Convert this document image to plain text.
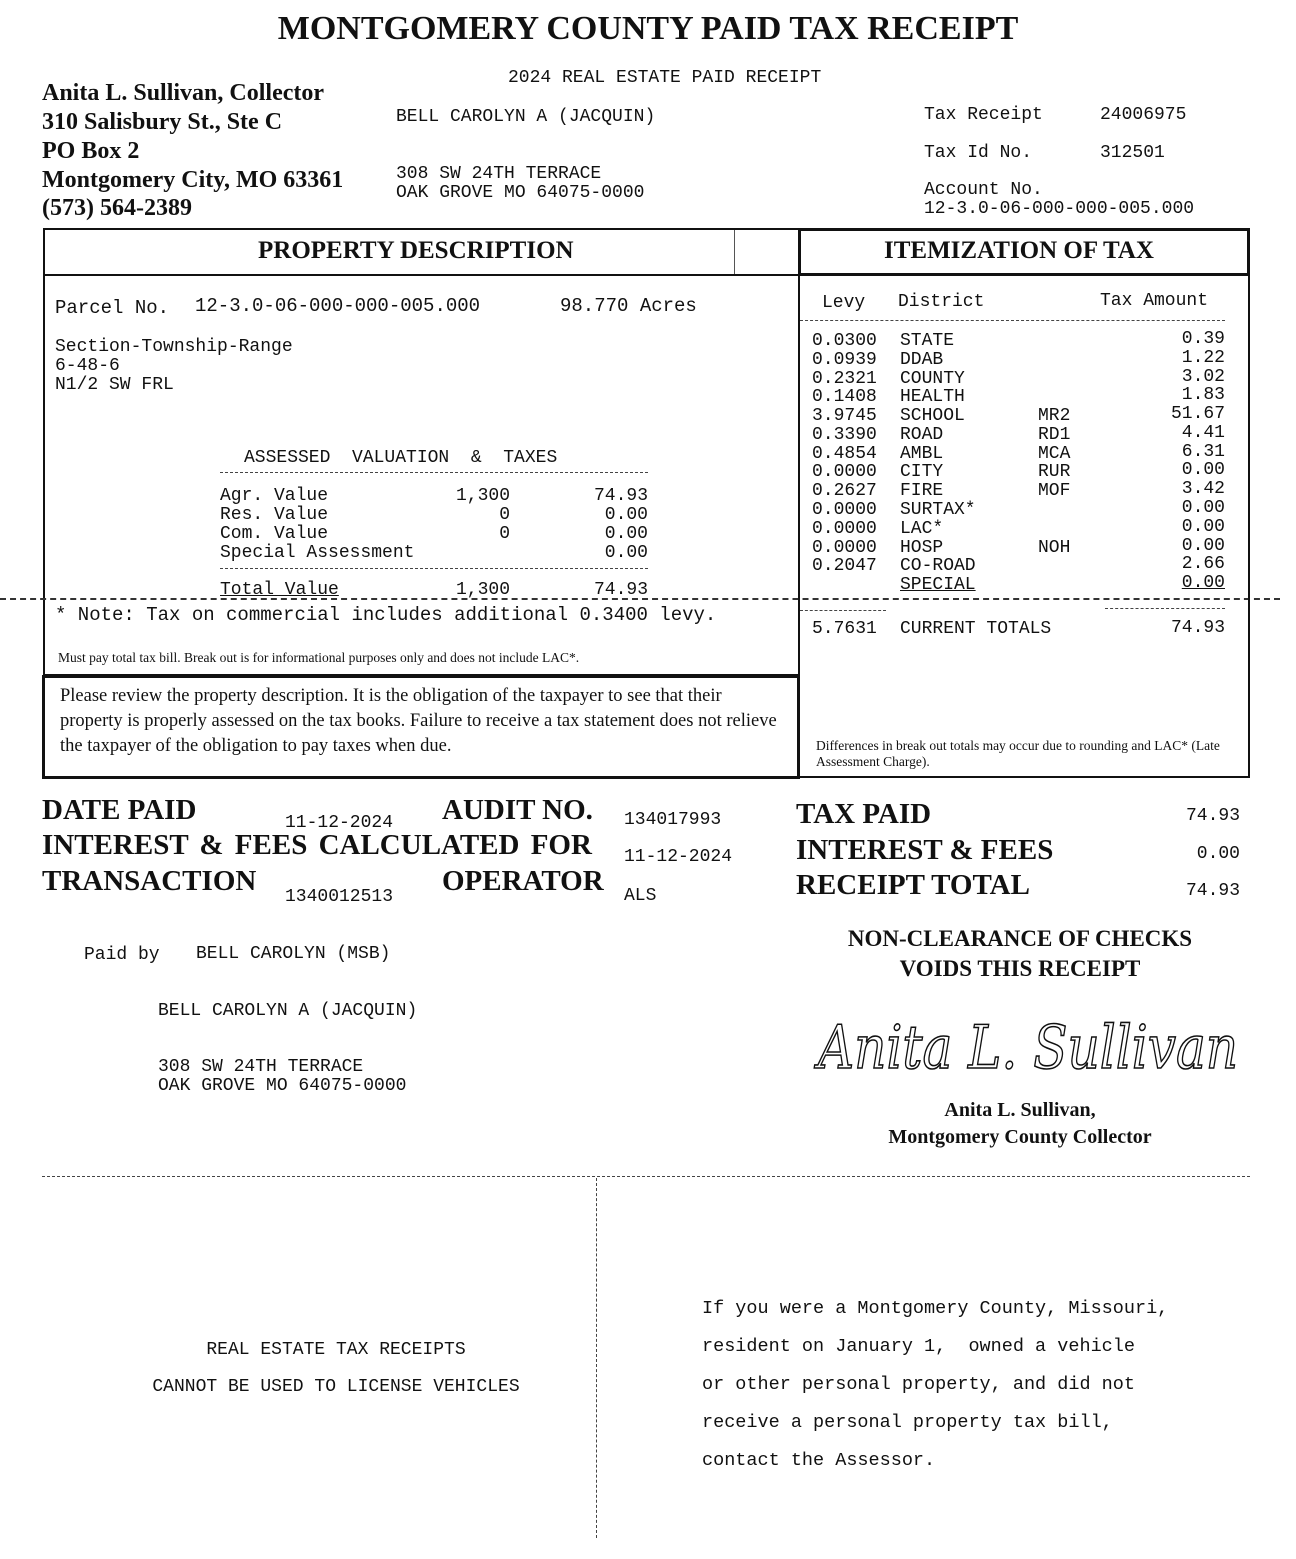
MONTGOMERY COUNTY PAID TAX RECEIPT
2024 REAL ESTATE PAID RECEIPT
Anita L. Sullivan, Collector
310 Salisbury St., Ste C
PO Box 2
Montgomery City, MO 63361
(573) 564-2389
BELL CAROLYN A (JACQUIN)
308 SW 24TH TERRACE
OAK GROVE MO 64075-0000
Tax Receipt	24006975
Tax Id No.	312501
Account No.
12-3.0-06-000-000-005.000
PROPERTY DESCRIPTION
Parcel No. 12-3.0-06-000-000-005.000	98.770 Acres
Section-Township-Range
6-48-6
N1/2 SW FRL
ASSESSED  VALUATION  &  TAXES
Agr. Value	1,300	74.93
Res. Value	0	0.00
Com. Value	0	0.00
Special Assessment	0.00
Total Value	1,300	74.93
* Note: Tax on commercial includes additional 0.3400 levy.
Must pay total tax bill. Break out is for informational purposes only and does not include LAC*.
Please review the property description. It is the obligation of the taxpayer to see that their property is properly assessed on the tax books. Failure to receive a tax statement does not relieve the taxpayer of the obligation to pay taxes when due.
ITEMIZATION OF TAX
Levy District	Tax Amount
0.0300 STATE	0.39
0.0939 DDAB	1.22
0.2321 COUNTY	3.02
0.1408 HEALTH	1.83
3.9745 SCHOOL	MR2	51.67
0.3390 ROAD	RD1	4.41
0.4854 AMBL	MCA	6.31
0.0000 CITY	RUR	0.00
0.2627 FIRE	MOF	3.42
0.0000 SURTAX*	0.00
0.0000 LAC*	0.00
0.0000 HOSP	NOH	0.00
0.2047 CO-ROAD	2.66
SPECIAL	0.00
5.7631 CURRENT TOTALS	74.93
Differences in break out totals may occur due to rounding and LAC* (Late Assessment Charge).
DATE PAID	11-12-2024 AUDIT NO. 134017993
INTEREST & FEES CALCULATED FOR 11-12-2024
TRANSACTION 1340012513 OPERATOR ALS
TAX PAID	74.93
INTEREST & FEES	0.00
RECEIPT TOTAL	74.93
Paid by BELL CAROLYN (MSB)
BELL CAROLYN A (JACQUIN)
308 SW 24TH TERRACE
OAK GROVE MO 64075-0000
NON-CLEARANCE OF CHECKS
VOIDS THIS RECEIPT
Anita L. Sullivan
Anita L. Sullivan,
Montgomery County Collector
REAL ESTATE TAX RECEIPTS
CANNOT BE USED TO LICENSE VEHICLES
If you were a Montgomery County, Missouri,
resident on January 1,  owned a vehicle
or other personal property, and did not
receive a personal property tax bill,
contact the Assessor.
